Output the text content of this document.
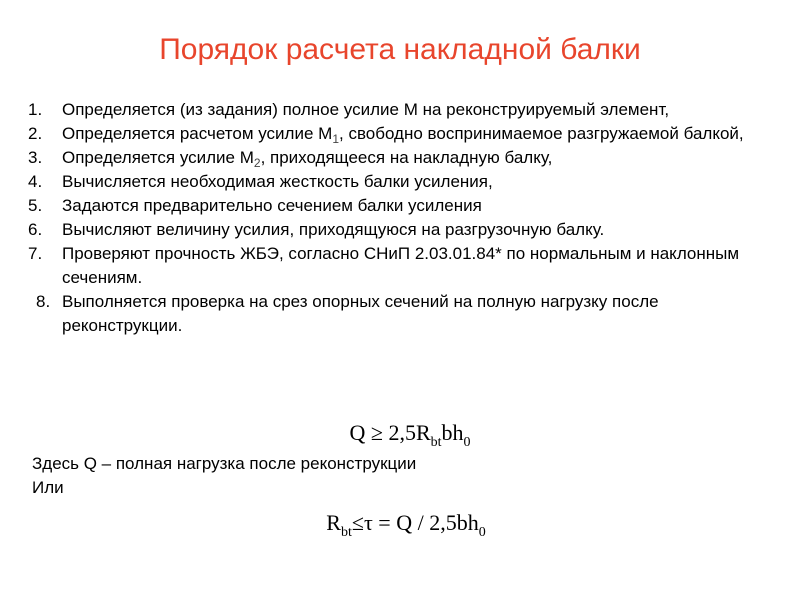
Порядок расчета накладной балки
1. Определяется (из задания) полное усилие М на реконструируемый элемент,
2. Определяется расчетом усилие $М_1$, свободно воспринимаемое разгружаемой балкой,
3. Определяется усилие $М_2$, приходящееся на накладную балку,
4. Вычисляется необходимая жесткость балки усиления,
5. Задаются предварительно сечением балки усиления
6. Вычисляют величину усилия, приходящуюся на разгрузочную балку.
7. Проверяют прочность ЖБЭ, согласно СНиП 2.03.01.84* по нормальным и наклонным сечениям.
8. Выполняется проверка на срез опорных сечений на полную нагрузку после реконструкции.
$Q \ge 2,5R_{bt}bh_0$
Здесь Q – полная нагрузка после реконструкции
Или
$R_{bt}\le\tau = Q / 2,5bh_0$
